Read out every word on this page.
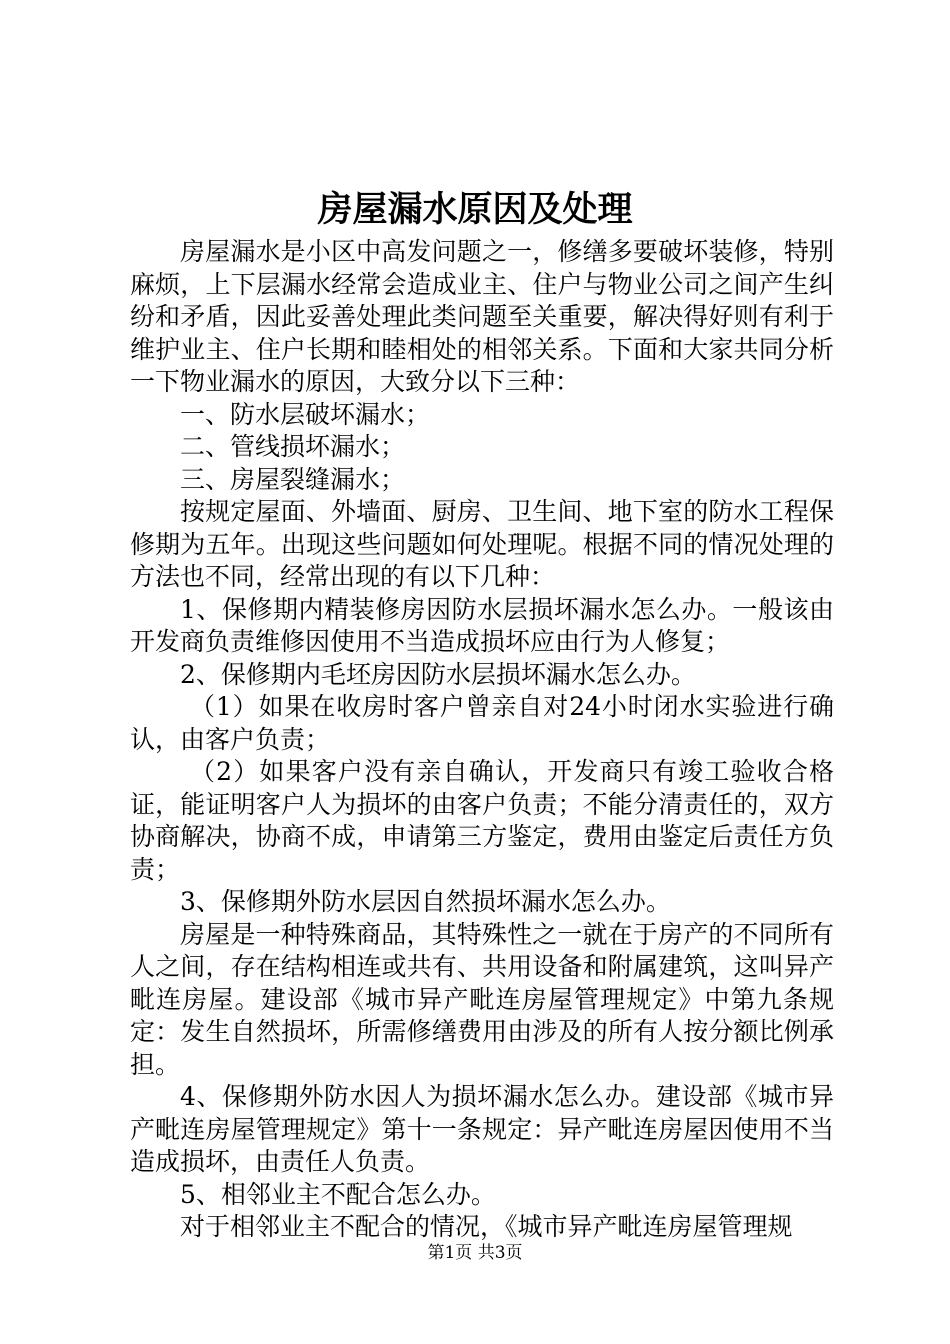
房屋漏水原因及处理

房屋漏水是小区中高发问题之一，修缮多要破坏装修，特别麻烦，上下层漏水经常会造成业主、住户与物业公司之间产生纠纷和矛盾，因此妥善处理此类问题至关重要，解决得好则有利于维护业主、住户长期和睦相处的相邻关系。下面和大家共同分析一下物业漏水的原因，大致分以下三种：

一、防水层破坏漏水；

二、管线损坏漏水；

三、房屋裂缝漏水；

按规定屋面、外墙面、厨房、卫生间、地下室的防水工程保修期为五年。出现这些问题如何处理呢。根据不同的情况处理的方法也不同，经常出现的有以下几种：

1、保修期内精装修房因防水层损坏漏水怎么办。一般该由开发商负责维修因使用不当造成损坏应由行为人修复；

2、保修期内毛坯房因防水层损坏漏水怎么办。

（1）如果在收房时客户曾亲自对24小时闭水实验进行确认，由客户负责；

（2）如果客户没有亲自确认，开发商只有竣工验收合格证，能证明客户人为损坏的由客户负责；不能分清责任的，双方协商解决，协商不成，申请第三方鉴定，费用由鉴定后责任方负责；

3、保修期外防水层因自然损坏漏水怎么办。

房屋是一种特殊商品，其特殊性之一就在于房产的不同所有人之间，存在结构相连或共有、共用设备和附属建筑，这叫异产毗连房屋。建设部《城市异产毗连房屋管理规定》中第九条规定：发生自然损坏，所需修缮费用由涉及的所有人按分额比例承担。

4、保修期外防水因人为损坏漏水怎么办。建设部《城市异产毗连房屋管理规定》第十一条规定：异产毗连房屋因使用不当造成损坏，由责任人负责。

5、相邻业主不配合怎么办。

对于相邻业主不配合的情况，《城市异产毗连房屋管理规

第1页 共3页
